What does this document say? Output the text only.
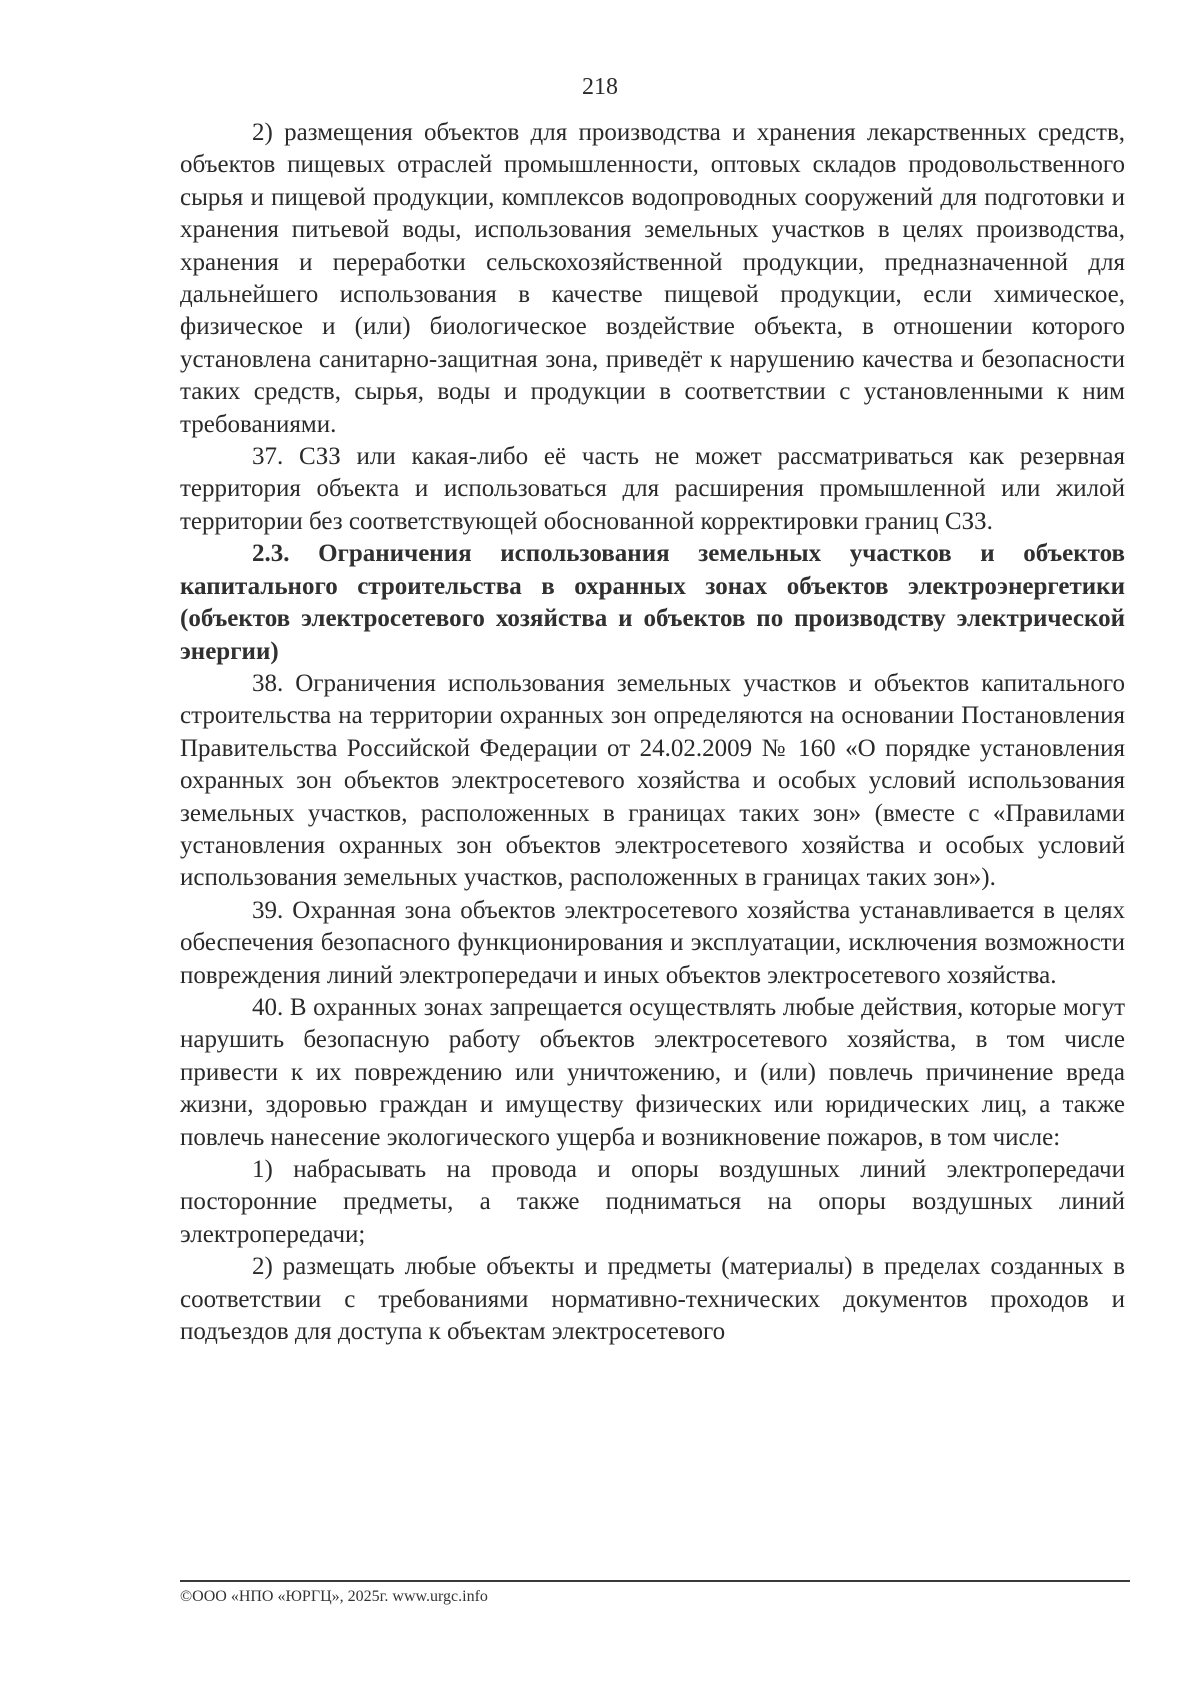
218

2) размещения объектов для производства и хранения лекарственных средств, объектов пищевых отраслей промышленности, оптовых складов продовольственного сырья и пищевой продукции, комплексов водопроводных сооружений для подготовки и хранения питьевой воды, использования земельных участков в целях производства, хранения и переработки сельскохозяйственной продукции, предназначенной для дальнейшего использования в качестве пищевой продукции, если химическое, физическое и (или) биологическое воздействие объекта, в отношении которого установлена санитарно-защитная зона, приведёт к нарушению качества и безопасности таких средств, сырья, воды и продукции в соответствии с установленными к ним требованиями.

37. СЗЗ или какая-либо её часть не может рассматриваться как резервная территория объекта и использоваться для расширения промышленной или жилой территории без соответствующей обоснованной корректировки границ СЗЗ.

2.3. Ограничения использования земельных участков и объектов капитального строительства в охранных зонах объектов электроэнергетики (объектов электросетевого хозяйства и объектов по производству электрической энергии)

38. Ограничения использования земельных участков и объектов капитального строительства на территории охранных зон определяются на основании Постановления Правительства Российской Федерации от 24.02.2009 № 160 «О порядке установления охранных зон объектов электросетевого хозяйства и особых условий использования земельных участков, расположенных в границах таких зон» (вместе с «Правилами установления охранных зон объектов электросетевого хозяйства и особых условий использования земельных участков, расположенных в границах таких зон»).

39. Охранная зона объектов электросетевого хозяйства устанавливается в целях обеспечения безопасного функционирования и эксплуатации, исключения возможности повреждения линий электропередачи и иных объектов электросетевого хозяйства.

40. В охранных зонах запрещается осуществлять любые действия, которые могут нарушить безопасную работу объектов электросетевого хозяйства, в том числе привести к их повреждению или уничтожению, и (или) повлечь причинение вреда жизни, здоровью граждан и имуществу физических или юридических лиц, а также повлечь нанесение экологического ущерба и возникновение пожаров, в том числе:

1) набрасывать на провода и опоры воздушных линий электропередачи посторонние предметы, а также подниматься на опоры воздушных линий электропередачи;

2) размещать любые объекты и предметы (материалы) в пределах созданных в соответствии с требованиями нормативно-технических документов проходов и подъездов для доступа к объектам электросетевого

©ООО «НПО «ЮРГЦ», 2025г. www.urgc.info
